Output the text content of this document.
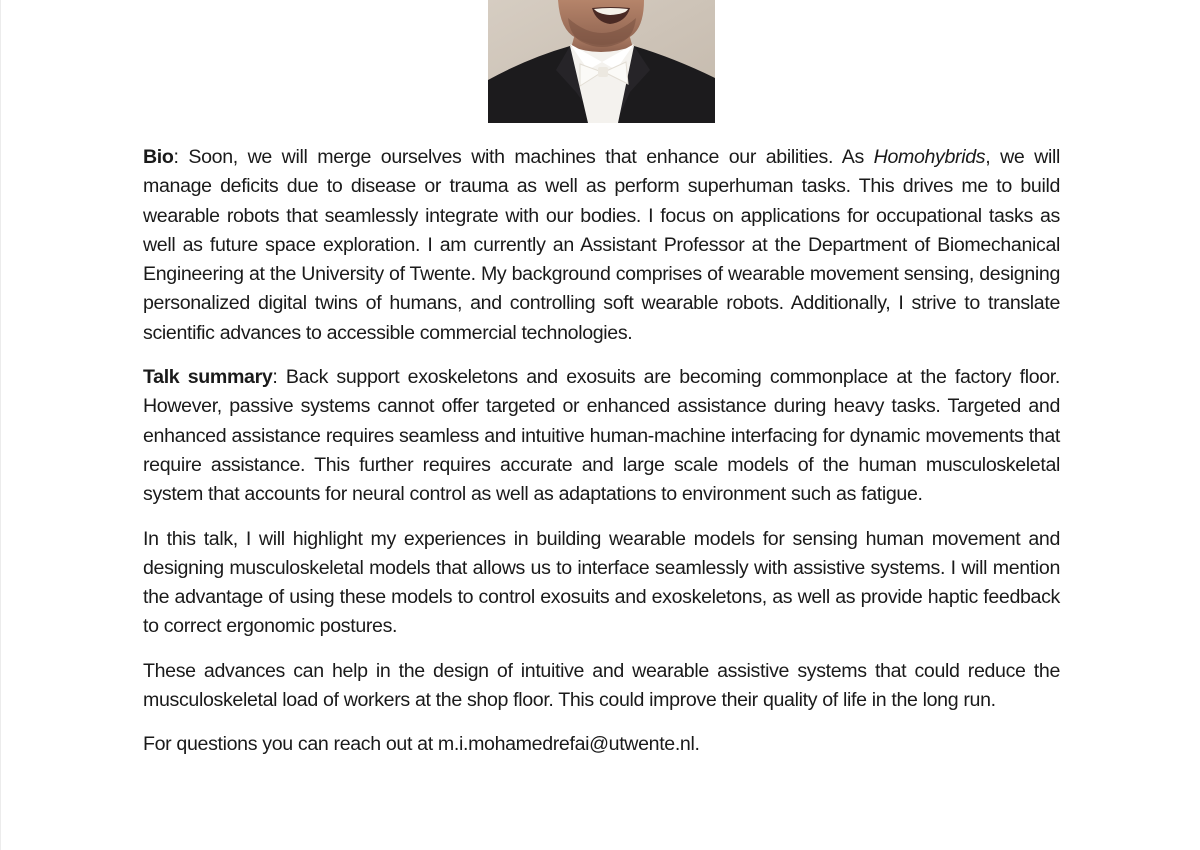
Bio: Soon, we will merge ourselves with machines that enhance our abilities. As Homohybrids, we will manage deficits due to disease or trauma as well as perform superhuman tasks. This drives me to build wearable robots that seamlessly integrate with our bodies. I focus on applications for occupational tasks as well as future space exploration. I am currently an Assistant Professor at the Department of Biomechanical Engineering at the University of Twente. My background comprises of wearable movement sensing, designing personalized digital twins of humans, and controlling soft wearable robots. Additionally, I strive to translate scientific advances to accessible commercial technologies.

Talk summary: Back support exoskeletons and exosuits are becoming commonplace at the factory floor. However, passive systems cannot offer targeted or enhanced assistance during heavy tasks. Targeted and enhanced assistance requires seamless and intuitive human-machine interfacing for dynamic movements that require assistance. This further requires accurate and large scale models of the human musculoskeletal system that accounts for neural control as well as adaptations to environment such as fatigue.

In this talk, I will highlight my experiences in building wearable models for sensing human movement and designing musculoskeletal models that allows us to interface seamlessly with assistive systems. I will mention the advantage of using these models to control exosuits and exoskeletons, as well as provide haptic feedback to correct ergonomic postures.

These advances can help in the design of intuitive and wearable assistive systems that could reduce the musculoskeletal load of workers at the shop floor. This could improve their quality of life in the long run.

For questions you can reach out at m.i.mohamedrefai@utwente.nl.
